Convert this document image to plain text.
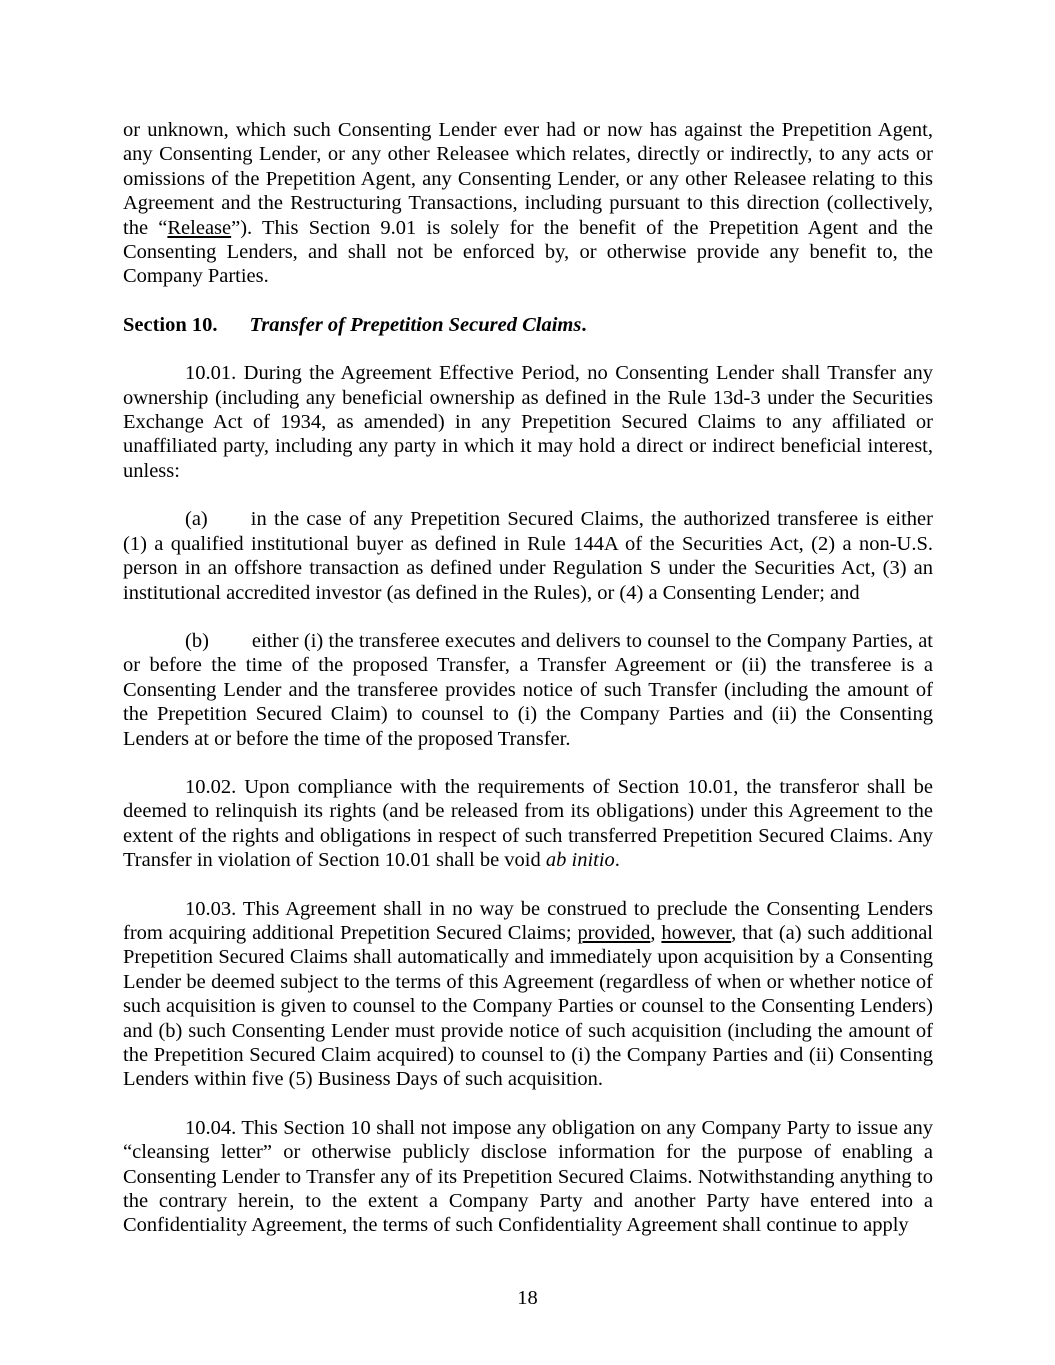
or unknown, which such Consenting Lender ever had or now has against the Prepetition Agent, any Consenting Lender, or any other Releasee which relates, directly or indirectly, to any acts or omissions of the Prepetition Agent, any Consenting Lender, or any other Releasee relating to this Agreement and the Restructuring Transactions, including pursuant to this direction (collectively, the “Release”). This Section 9.01 is solely for the benefit of the Prepetition Agent and the Consenting Lenders, and shall not be enforced by, or otherwise provide any benefit to, the Company Parties.

Section 10. Transfer of Prepetition Secured Claims.

10.01. During the Agreement Effective Period, no Consenting Lender shall Transfer any ownership (including any beneficial ownership as defined in the Rule 13d-3 under the Securities Exchange Act of 1934, as amended) in any Prepetition Secured Claims to any affiliated or unaffiliated party, including any party in which it may hold a direct or indirect beneficial interest, unless:

(a) in the case of any Prepetition Secured Claims, the authorized transferee is either (1) a qualified institutional buyer as defined in Rule 144A of the Securities Act, (2) a non-U.S. person in an offshore transaction as defined under Regulation S under the Securities Act, (3) an institutional accredited investor (as defined in the Rules), or (4) a Consenting Lender; and

(b) either (i) the transferee executes and delivers to counsel to the Company Parties, at or before the time of the proposed Transfer, a Transfer Agreement or (ii) the transferee is a Consenting Lender and the transferee provides notice of such Transfer (including the amount of the Prepetition Secured Claim) to counsel to (i) the Company Parties and (ii) the Consenting Lenders at or before the time of the proposed Transfer.

10.02. Upon compliance with the requirements of Section 10.01, the transferor shall be deemed to relinquish its rights (and be released from its obligations) under this Agreement to the extent of the rights and obligations in respect of such transferred Prepetition Secured Claims. Any Transfer in violation of Section 10.01 shall be void ab initio.

10.03. This Agreement shall in no way be construed to preclude the Consenting Lenders from acquiring additional Prepetition Secured Claims; provided, however, that (a) such additional Prepetition Secured Claims shall automatically and immediately upon acquisition by a Consenting Lender be deemed subject to the terms of this Agreement (regardless of when or whether notice of such acquisition is given to counsel to the Company Parties or counsel to the Consenting Lenders) and (b) such Consenting Lender must provide notice of such acquisition (including the amount of the Prepetition Secured Claim acquired) to counsel to (i) the Company Parties and (ii) Consenting Lenders within five (5) Business Days of such acquisition.

10.04. This Section 10 shall not impose any obligation on any Company Party to issue any “cleansing letter” or otherwise publicly disclose information for the purpose of enabling a Consenting Lender to Transfer any of its Prepetition Secured Claims. Notwithstanding anything to the contrary herein, to the extent a Company Party and another Party have entered into a Confidentiality Agreement, the terms of such Confidentiality Agreement shall continue to apply

18
